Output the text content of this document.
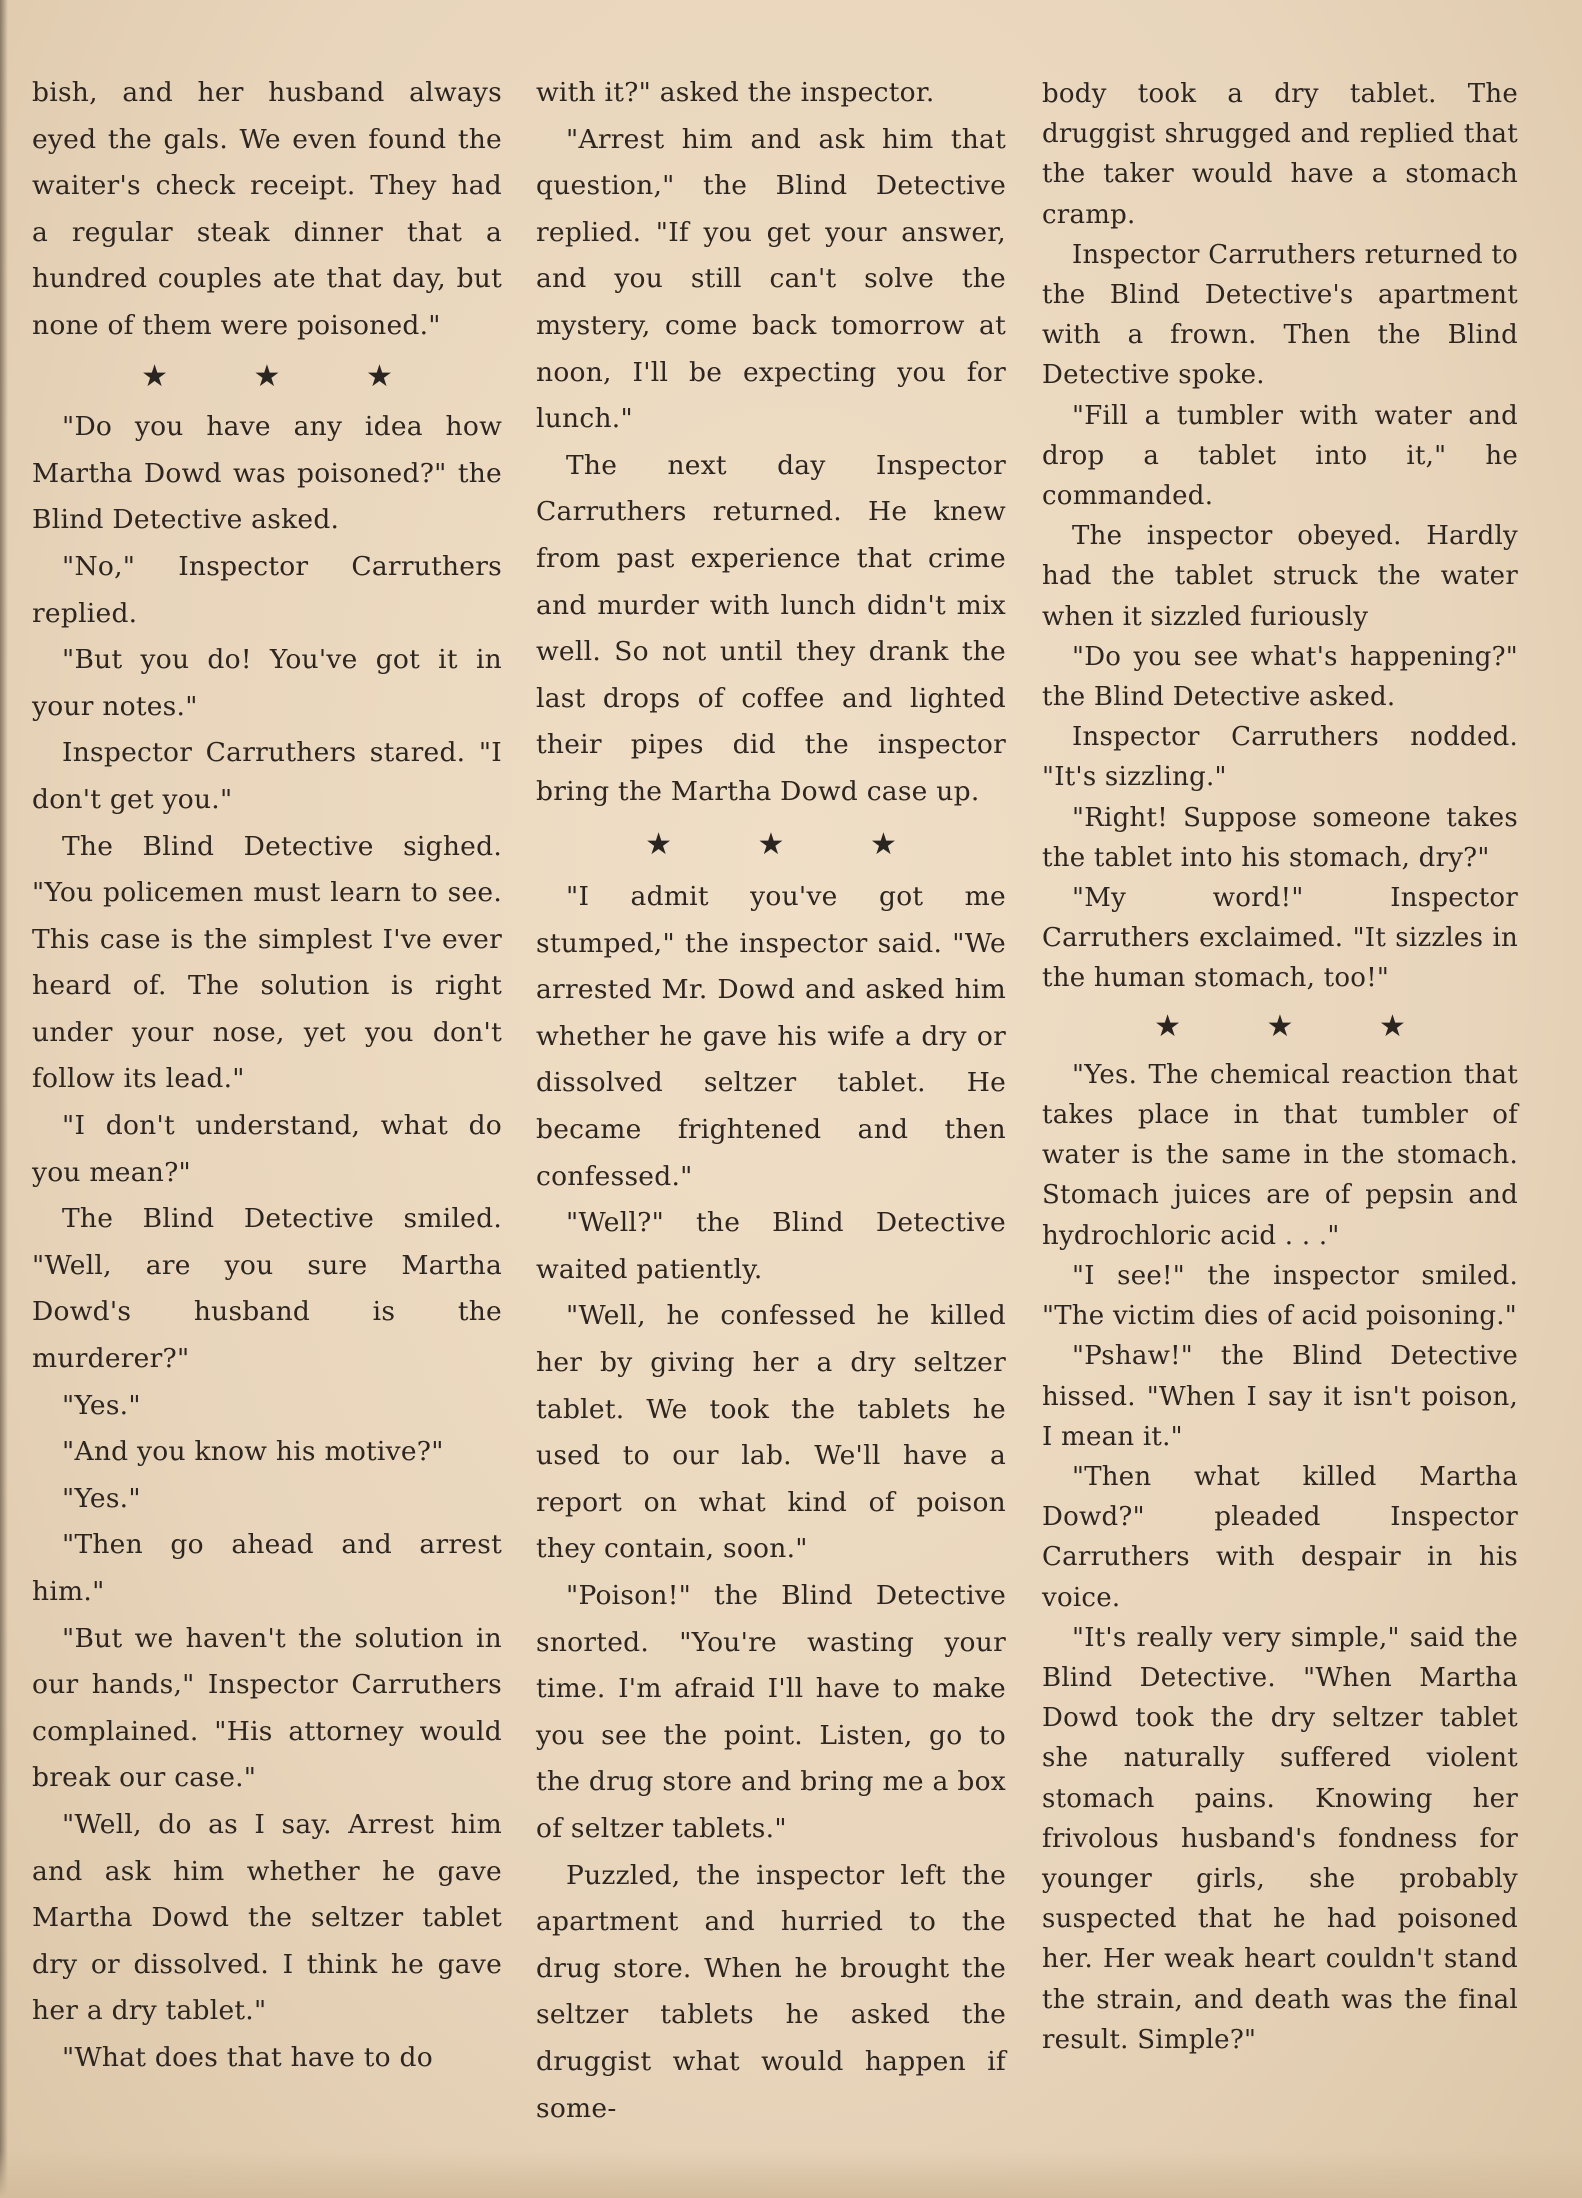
bish, and her husband always eyed the gals. We even found the waiter's check receipt. They had a regular steak dinner that a hundred couples ate that day, but none of them were poisoned."

★ ★ ★

"Do you have any idea how Martha Dowd was poisoned?" the Blind Detective asked.

"No," Inspector Carruthers replied.

"But you do! You've got it in your notes."

Inspector Carruthers stared. "I don't get you."

The Blind Detective sighed. "You policemen must learn to see. This case is the simplest I've ever heard of. The solution is right under your nose, yet you don't follow its lead."

"I don't understand, what do you mean?"

The Blind Detective smiled. "Well, are you sure Martha Dowd's husband is the murderer?"

"Yes."

"And you know his motive?"

"Yes."

"Then go ahead and arrest him."

"But we haven't the solution in our hands," Inspector Carruthers complained. "His attorney would break our case."

"Well, do as I say. Arrest him and ask him whether he gave Martha Dowd the seltzer tablet dry or dissolved. I think he gave her a dry tablet."

"What does that have to do

with it?" asked the inspector.

"Arrest him and ask him that question," the Blind Detective replied. "If you get your answer, and you still can't solve the mystery, come back tomorrow at noon, I'll be expecting you for lunch."

The next day Inspector Carruthers returned. He knew from past experience that crime and murder with lunch didn't mix well. So not until they drank the last drops of coffee and lighted their pipes did the inspector bring the Martha Dowd case up.

★ ★ ★

"I admit you've got me stumped," the inspector said. "We arrested Mr. Dowd and asked him whether he gave his wife a dry or dissolved seltzer tablet. He became frightened and then confessed."

"Well?" the Blind Detective waited patiently.

"Well, he confessed he killed her by giving her a dry seltzer tablet. We took the tablets he used to our lab. We'll have a report on what kind of poison they contain, soon."

"Poison!" the Blind Detective snorted. "You're wasting your time. I'm afraid I'll have to make you see the point. Listen, go to the drug store and bring me a box of seltzer tablets."

Puzzled, the inspector left the apartment and hurried to the drug store. When he brought the seltzer tablets he asked the druggist what would happen if some-

body took a dry tablet. The druggist shrugged and replied that the taker would have a stomach cramp.

Inspector Carruthers returned to the Blind Detective's apartment with a frown. Then the Blind Detective spoke.

"Fill a tumbler with water and drop a tablet into it," he commanded.

The inspector obeyed. Hardly had the tablet struck the water when it sizzled furiously

"Do you see what's happening?" the Blind Detective asked.

Inspector Carruthers nodded. "It's sizzling."

"Right! Suppose someone takes the tablet into his stomach, dry?"

"My word!" Inspector Carruthers exclaimed. "It sizzles in the human stomach, too!"

★ ★ ★

"Yes. The chemical reaction that takes place in that tumbler of water is the same in the stomach. Stomach juices are of pepsin and hydrochloric acid . . ."

"I see!" the inspector smiled. "The victim dies of acid poisoning."

"Pshaw!" the Blind Detective hissed. "When I say it isn't poison, I mean it."

"Then what killed Martha Dowd?" pleaded Inspector Carruthers with despair in his voice.

"It's really very simple," said the Blind Detective. "When Martha Dowd took the dry seltzer tablet she naturally suffered violent stomach pains. Knowing her frivolous husband's fondness for younger girls, she probably suspected that he had poisoned her. Her weak heart couldn't stand the strain, and death was the final result. Simple?"
